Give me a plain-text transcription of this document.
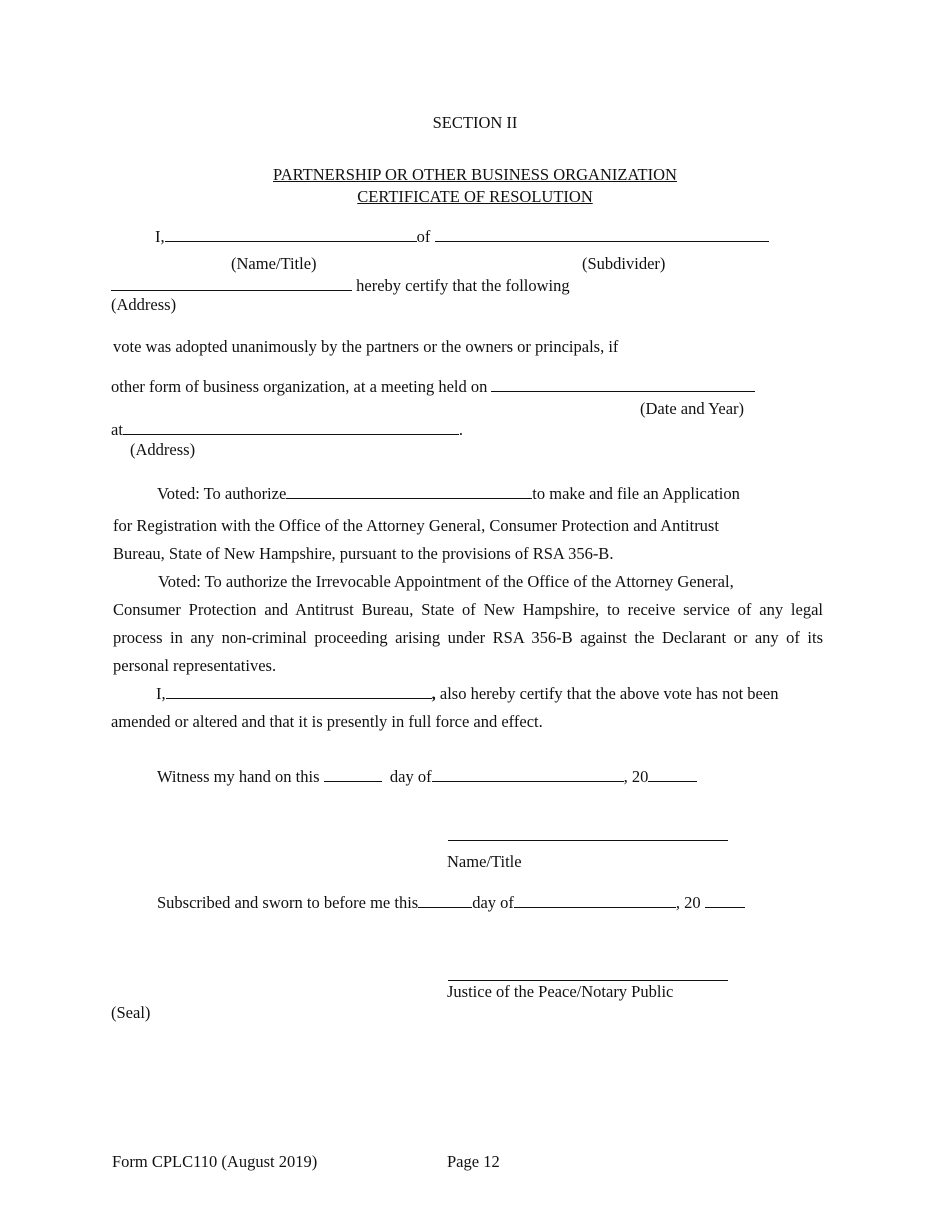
SECTION II
PARTNERSHIP OR OTHER BUSINESS ORGANIZATION
CERTIFICATE OF RESOLUTION
I,	of
(Name/Title)	(Subdivider)
hereby certify that the following
(Address)
vote was adopted unanimously by the partners or the owners or principals, if
other form of business organization, at a meeting held on
(Date and Year)
at	.
(Address)
Voted: To authorize	to make and file an Application
for Registration with the Office of the Attorney General, Consumer Protection and Antitrust
Bureau, State of New Hampshire, pursuant to the provisions of RSA 356-B.
Voted: To authorize the Irrevocable Appointment of the Office of the Attorney General,
Consumer Protection and Antitrust Bureau, State of New Hampshire, to receive service of any legal
process in any non-criminal proceeding arising under RSA 356-B against the Declarant or any of its
personal representatives.
I,	, also hereby certify that the above vote has not been
amended or altered and that it is presently in full force and effect.
Witness my hand on this	day of	, 20
Name/Title
Subscribed and sworn to before me this	day of	, 20
Justice of the Peace/Notary Public
(Seal)
Form CPLC110 (August 2019)	Page 12
